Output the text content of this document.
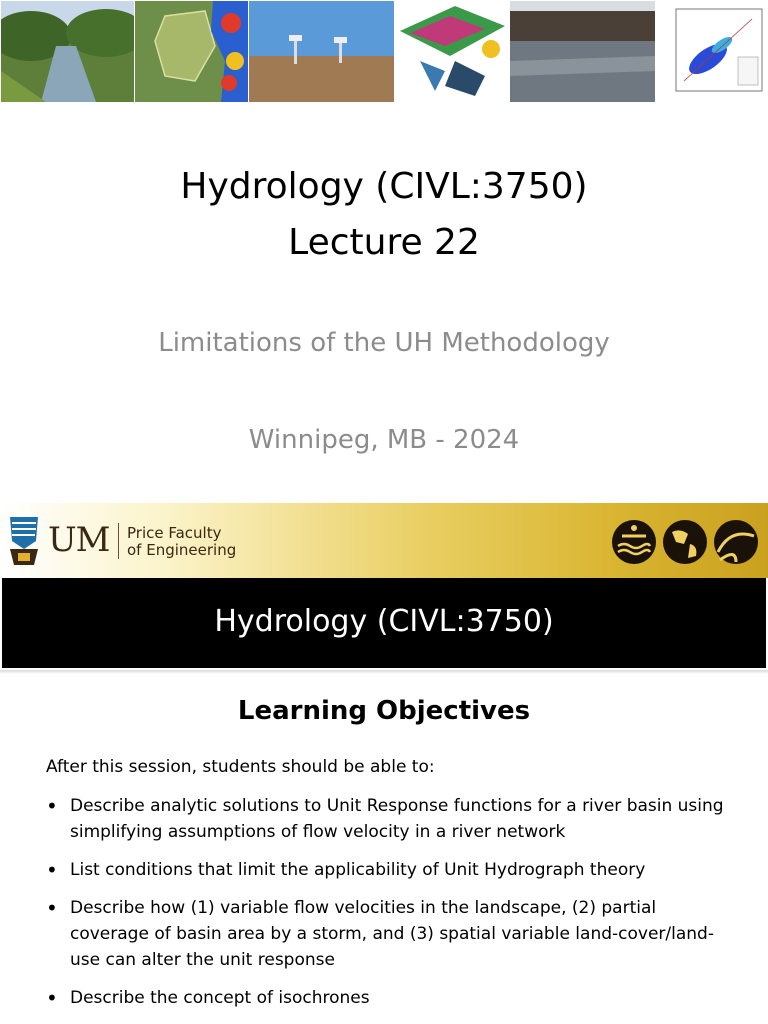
Hydrology (CIVL:3750)
Lecture 22
Limitations of the UH Methodology
Winnipeg, MB - 2024
UM Price Faculty
of Engineering
Hydrology (CIVL:3750)
Learning Objectives
After this session, students should be able to:
• Describe analytic solutions to Unit Response functions for a river basin using simplifying assumptions of flow velocity in a river network
• List conditions that limit the applicability of Unit Hydrograph theory
• Describe how (1) variable flow velocities in the landscape, (2) partial coverage of basin area by a storm, and (3) spatial variable land-cover/land-use can alter the unit response
• Describe the concept of isochrones
